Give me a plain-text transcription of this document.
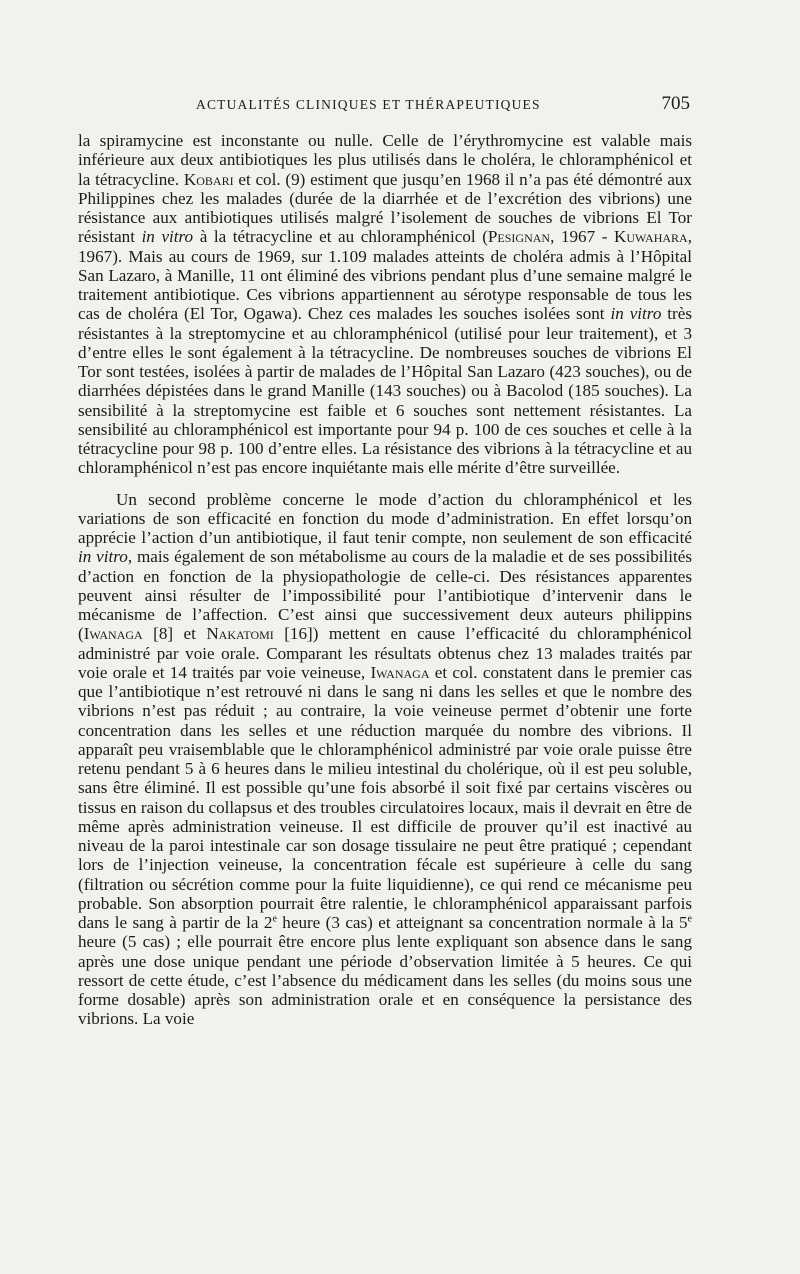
ACTUALITÉS CLINIQUES ET THÉRAPEUTIQUES	705

la spiramycine est inconstante ou nulle. Celle de l’érythromycine est valable mais inférieure aux deux antibiotiques les plus utilisés dans le choléra, le chloramphénicol et la tétracycline. Kobari et col. (9) estiment que jusqu’en 1968 il n’a pas été démontré aux Philippines chez les malades (durée de la diarrhée et de l’excrétion des vibrions) une résistance aux antibiotiques utilisés malgré l’isolement de souches de vibrions El Tor résistant in vitro à la tétracycline et au chloramphénicol (Pesignan, 1967 - Kuwahara, 1967). Mais au cours de 1969, sur 1.109 malades atteints de choléra admis à l’Hôpital San Lazaro, à Manille, 11 ont éliminé des vibrions pendant plus d’une semaine malgré le traitement antibiotique. Ces vibrions appartiennent au sérotype responsable de tous les cas de choléra (El Tor, Ogawa). Chez ces malades les souches isolées sont in vitro très résistantes à la streptomycine et au chloramphénicol (utilisé pour leur traitement), et 3 d’entre elles le sont également à la tétracycline. De nombreuses souches de vibrions El Tor sont testées, isolées à partir de malades de l’Hôpital San Lazaro (423 souches), ou de diarrhées dépistées dans le grand Manille (143 souches) ou à Bacolod (185 souches). La sensibilité à la streptomycine est faible et 6 souches sont nettement résistantes. La sensibilité au chloramphénicol est importante pour 94 p. 100 de ces souches et celle à la tétracycline pour 98 p. 100 d’entre elles. La résistance des vibrions à la tétracycline et au chloramphénicol n’est pas encore inquiétante mais elle mérite d’être surveillée.

Un second problème concerne le mode d’action du chloramphénicol et les variations de son efficacité en fonction du mode d’administration. En effet lorsqu’on apprécie l’action d’un antibiotique, il faut tenir compte, non seulement de son efficacité in vitro, mais également de son métabolisme au cours de la maladie et de ses possibilités d’action en fonction de la physiopathologie de celle-ci. Des résistances apparentes peuvent ainsi résulter de l’impossibilité pour l’antibiotique d’intervenir dans le mécanisme de l’affection. C’est ainsi que successivement deux auteurs philippins (Iwanaga [8] et Nakatomi [16]) mettent en cause l’efficacité du chloramphénicol administré par voie orale. Comparant les résultats obtenus chez 13 malades traités par voie orale et 14 traités par voie veineuse, Iwanaga et col. constatent dans le premier cas que l’antibiotique n’est retrouvé ni dans le sang ni dans les selles et que le nombre des vibrions n’est pas réduit ; au contraire, la voie veineuse permet d’obtenir une forte concentration dans les selles et une réduction marquée du nombre des vibrions. Il apparaît peu vraisemblable que le chloramphénicol administré par voie orale puisse être retenu pendant 5 à 6 heures dans le milieu intestinal du cholérique, où il est peu soluble, sans être éliminé. Il est possible qu’une fois absorbé il soit fixé par certains viscères ou tissus en raison du collapsus et des troubles circulatoires locaux, mais il devrait en être de même après administration veineuse. Il est difficile de prouver qu’il est inactivé au niveau de la paroi intestinale car son dosage tissulaire ne peut être pratiqué ; cependant lors de l’injection veineuse, la concentration fécale est supérieure à celle du sang (filtration ou sécrétion comme pour la fuite liquidienne), ce qui rend ce mécanisme peu probable. Son absorption pourrait être ralentie, le chloramphénicol apparaissant parfois dans le sang à partir de la 2e heure (3 cas) et atteignant sa concentration normale à la 5e heure (5 cas) ; elle pourrait être encore plus lente expliquant son absence dans le sang après une dose unique pendant une période d’observation limitée à 5 heures. Ce qui ressort de cette étude, c’est l’absence du médicament dans les selles (du moins sous une forme dosable) après son administration orale et en conséquence la persistance des vibrions. La voie
